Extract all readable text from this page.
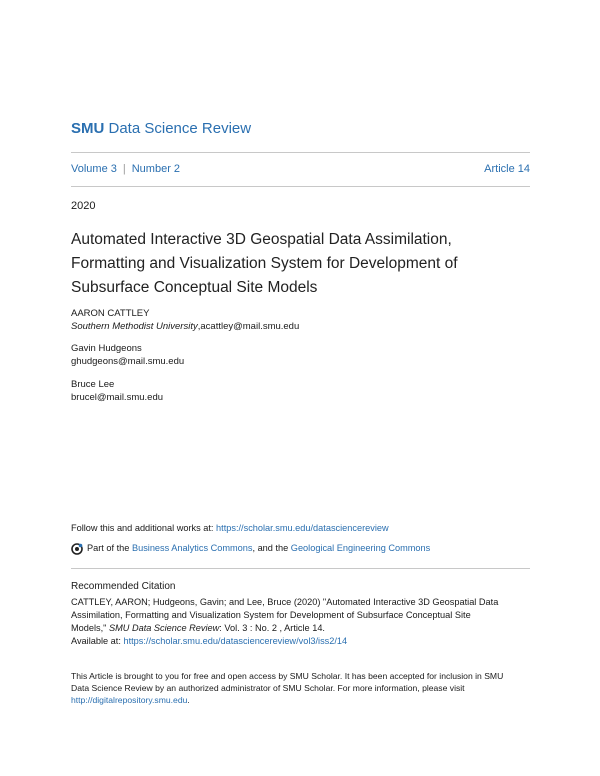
SMU Data Science Review
Volume 3 | Number 2	Article 14
2020
Automated Interactive 3D Geospatial Data Assimilation,
Formatting and Visualization System for Development of
Subsurface Conceptual Site Models
AARON CATTLEY
Southern Methodist University,acattley@mail.smu.edu
Gavin Hudgeons
ghudgeons@mail.smu.edu
Bruce Lee
brucel@mail.smu.edu
Follow this and additional works at: https://scholar.smu.edu/datasciencereview
Part of the
Business Analytics Commons , and the
Geological Engineering Commons
Recommended Citation
CATTLEY, AARON; Hudgeons, Gavin; and Lee, Bruce (2020) "Automated Interactive 3D Geospatial Data
Assimilation, Formatting and Visualization System for Development of Subsurface Conceptual Site
Models," SMU Data Science Review: Vol. 3 : No. 2 , Article 14.
Available at: https://scholar.smu.edu/datasciencereview/vol3/iss2/14
This Article is brought to you for free and open access by SMU Scholar. It has been accepted for inclusion in SMU
Data Science Review by an authorized administrator of SMU Scholar. For more information, please visit
http://digitalrepository.smu.edu.
